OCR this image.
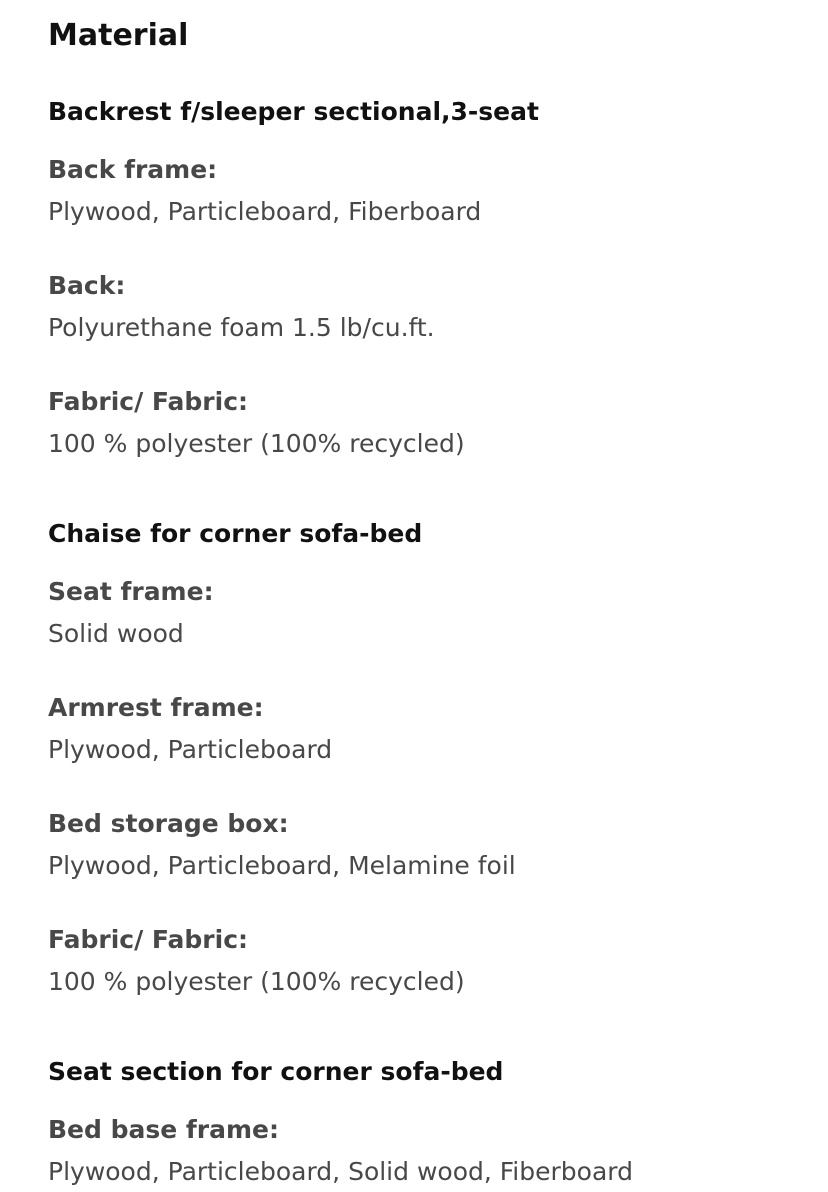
Material
Backrest f/sleeper sectional,3-seat
Back frame:
Plywood, Particleboard, Fiberboard
Back:
Polyurethane foam 1.5 lb/cu.ft.
Fabric/ Fabric:
100 % polyester (100% recycled)
Chaise for corner sofa-bed
Seat frame:
Solid wood
Armrest frame:
Plywood, Particleboard
Bed storage box:
Plywood, Particleboard, Melamine foil
Fabric/ Fabric:
100 % polyester (100% recycled)
Seat section for corner sofa-bed
Bed base frame:
Plywood, Particleboard, Solid wood, Fiberboard
